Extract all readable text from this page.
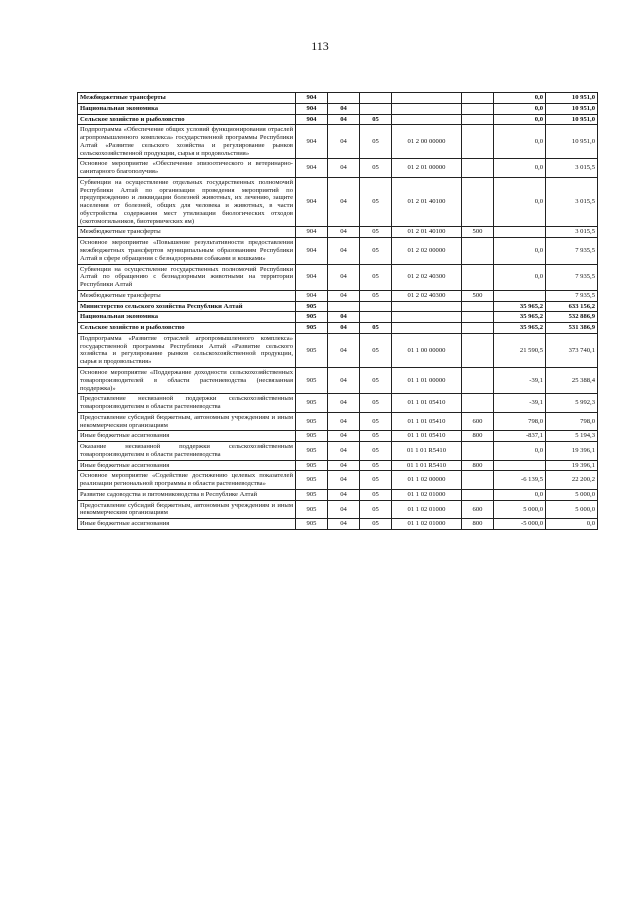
113
Межбюджетные трансферты	904					0,0	10 951,0
Национальная экономика	904	04				0,0	10 951,0
Сельское хозяйство и рыболовство	904	04	05			0,0	10 951,0
Подпрограмма «Обеспечение общих условий функционирования отраслей агропромышленного комплекса» государственной программы Республики Алтай «Развитие сельского хозяйства и регулирование рынков сельскохозяйственной продукции, сырья и продовольствия»	904	04	05	01 2 00 00000		0,0	10 951,0
Основное мероприятие «Обеспечение эпизоотического и ветеринарно-санитарного благополучия»	904	04	05	01 2 01 00000		0,0	3 015,5
Субвенции на осуществление отдельных государственных полномочий Республики Алтай по организации проведения мероприятий по предупреждению и ликвидации болезней животных, их лечению, защите населения от болезней, общих для человека и животных, в части обустройства содержания мест утилизации биологических отходов (скотомогильников, биотермических ям)	904	04	05	01 2 01 40100		0,0	3 015,5
Межбюджетные трансферты	904	04	05	01 2 01 40100	500		3 015,5
Основное мероприятие «Повышение результативности предоставления межбюджетных трансфертов муниципальным образованиям Республики Алтай в сфере обращения с безнадзорными собаками и кошками»	904	04	05	01 2 02 00000		0,0	7 935,5
Субвенции на осуществление государственных полномочий Республики Алтай по обращению с безнадзорными животными на территории Республики Алтай	904	04	05	01 2 02 40300		0,0	7 935,5
Межбюджетные трансферты	904	04	05	01 2 02 40300	500		7 935,5
Министерство сельского хозяйства Республики Алтай	905					35 965,2	633 156,2
Национальная экономика	905	04				35 965,2	532 886,9
Сельское хозяйство и рыболовство	905	04	05			35 965,2	531 386,9
Подпрограмма «Развитие отраслей агропромышленного комплекса» государственной программы Республики Алтай «Развитие сельского хозяйства и регулирование рынков сельскохозяйственной продукции, сырья и продовольствия»	905	04	05	01 1 00 00000		21 590,5	373 740,1
Основное мероприятие «Поддержание доходности сельскохозяйственных товаропроизводителей в области растениеводства (несвязанная поддержка)»	905	04	05	01 1 01 00000		-39,1	25 388,4
Предоставление несвязанной поддержки сельскохозяйственным товаропроизводителям в области растениеводства	905	04	05	01 1 01 05410		-39,1	5 992,3
Предоставление субсидий бюджетным, автономным учреждениям и иным некоммерческим организациям	905	04	05	01 1 01 05410	600	798,0	798,0
Иные бюджетные ассигнования	905	04	05	01 1 01 05410	800	-837,1	5 194,3
Оказание несвязанной поддержки сельскохозяйственным товаропроизводителям в области растениеводства	905	04	05	01 1 01 R5410		0,0	19 396,1
Иные бюджетные ассигнования	905	04	05	01 1 01 R5410	800		19 396,1
Основное мероприятие «Содействие достижению целевых показателей реализации региональной программы в области растениеводства»	905	04	05	01 1 02 00000		-6 139,5	22 200,2
Развитие садоводства и питомниководства в Республике Алтай	905	04	05	01 1 02 01000		0,0	5 000,0
Предоставление субсидий бюджетным, автономным учреждениям и иным некоммерческим организациям	905	04	05	01 1 02 01000	600	5 000,0	5 000,0
Иные бюджетные ассигнования	905	04	05	01 1 02 01000	800	-5 000,0	0,0
